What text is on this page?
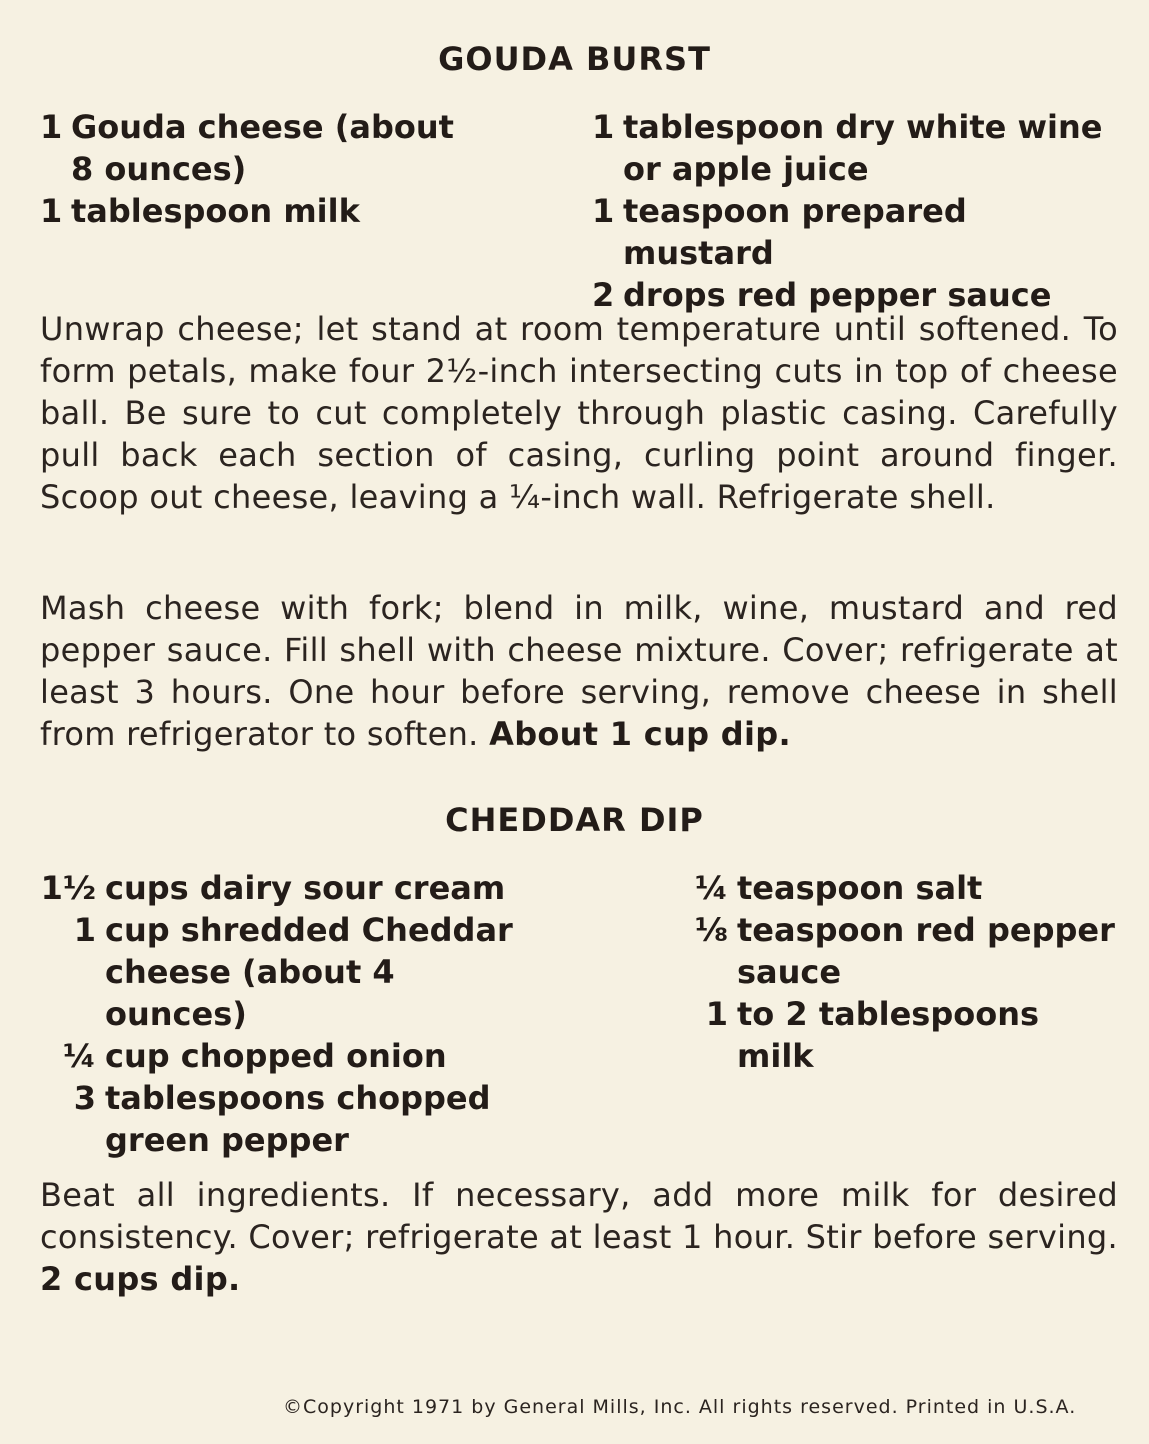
GOUDA BURST
1 Gouda cheese (about 8 ounces)
1 tablespoon milk
1 tablespoon dry white wine or apple juice
1 teaspoon prepared mustard
2 drops red pepper sauce
Unwrap cheese; let stand at room temperature until softened. To form petals, make four 2½-inch intersecting cuts in top of cheese ball. Be sure to cut completely through plastic casing. Carefully pull back each section of casing, curling point around finger. Scoop out cheese, leaving a ¼-inch wall. Refrigerate shell.
Mash cheese with fork; blend in milk, wine, mustard and red pepper sauce. Fill shell with cheese mixture. Cover; refrigerate at least 3 hours. One hour before serving, remove cheese in shell from refrigerator to soften. About 1 cup dip.
CHEDDAR DIP
1½ cups dairy sour cream
1 cup shredded Cheddar cheese (about 4 ounces)
¼ cup chopped onion
3 tablespoons chopped green pepper
¼ teaspoon salt
⅛ teaspoon red pepper sauce
1 to 2 tablespoons milk
Beat all ingredients. If necessary, add more milk for desired consistency. Cover; refrigerate at least 1 hour. Stir before serving. 2 cups dip.
©Copyright 1971 by General Mills, Inc. All rights reserved. Printed in U.S.A.
